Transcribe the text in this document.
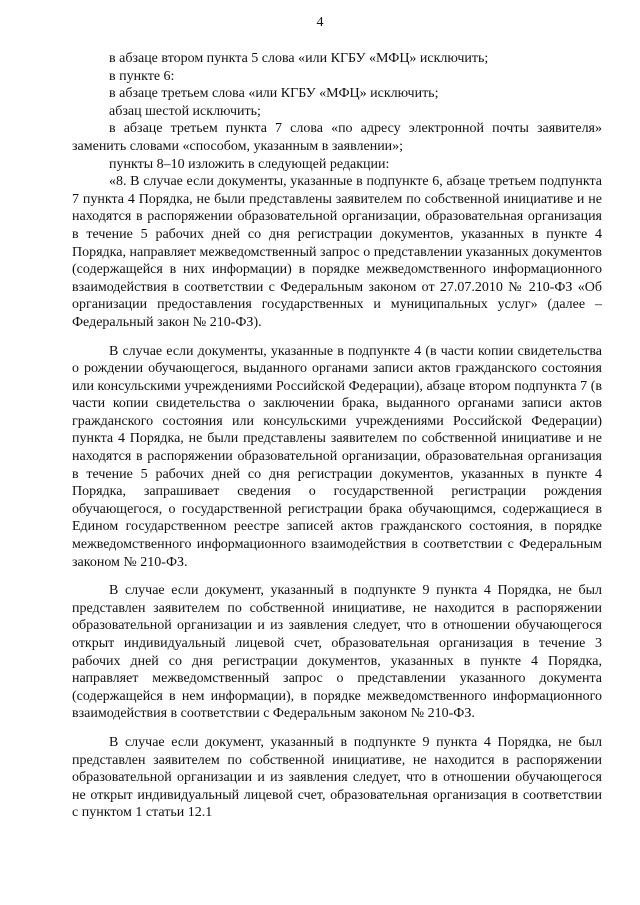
4

в абзаце втором пункта 5 слова «или КГБУ «МФЦ» исключить;

в пункте 6:

в абзаце третьем слова «или КГБУ «МФЦ» исключить;

абзац шестой исключить;

в абзаце третьем пункта 7 слова «по адресу электронной почты заявителя» заменить словами «способом, указанным в заявлении»;

пункты 8–10 изложить в следующей редакции:

«8. В случае если документы, указанные в подпункте 6, абзаце третьем подпункта 7 пункта 4 Порядка, не были представлены заявителем по собственной инициативе и не находятся в распоряжении образовательной организации, образовательная организация в течение 5 рабочих дней со дня регистрации документов, указанных в пункте 4 Порядка, направляет межведомственный запрос о представлении указанных документов (содержащейся в них информации) в порядке межведомственного информационного взаимодействия в соответствии с Федеральным законом от 27.07.2010 № 210-ФЗ «Об организации предоставления государственных и муниципальных услуг» (далее – Федеральный закон № 210-ФЗ).

В случае если документы, указанные в подпункте 4 (в части копии свидетельства о рождении обучающегося, выданного органами записи актов гражданского состояния или консульскими учреждениями Российской Федерации), абзаце втором подпункта 7 (в части копии свидетельства о заключении брака, выданного органами записи актов гражданского состояния или консульскими учреждениями Российской Федерации) пункта 4 Порядка, не были представлены заявителем по собственной инициативе и не находятся в распоряжении образовательной организации, образовательная организация в течение 5 рабочих дней со дня регистрации документов, указанных в пункте 4 Порядка, запрашивает сведения о государственной регистрации рождения обучающегося, о государственной регистрации брака обучающимся, содержащиеся в Едином государственном реестре записей актов гражданского состояния, в порядке межведомственного информационного взаимодействия в соответствии с Федеральным законом № 210-ФЗ.

В случае если документ, указанный в подпункте 9 пункта 4 Порядка, не был представлен заявителем по собственной инициативе, не находится в распоряжении образовательной организации и из заявления следует, что в отношении обучающегося открыт индивидуальный лицевой счет, образовательная организация в течение 3 рабочих дней со дня регистрации документов, указанных в пункте 4 Порядка, направляет межведомственный запрос о представлении указанного документа (содержащейся в нем информации), в порядке межведомственного информационного взаимодействия в соответствии с Федеральным законом № 210-ФЗ.

В случае если документ, указанный в подпункте 9 пункта 4 Порядка, не был представлен заявителем по собственной инициативе, не находится в распоряжении образовательной организации и из заявления следует, что в отношении обучающегося не открыт индивидуальный лицевой счет, образовательная организация в соответствии с пунктом 1 статьи 12.1
